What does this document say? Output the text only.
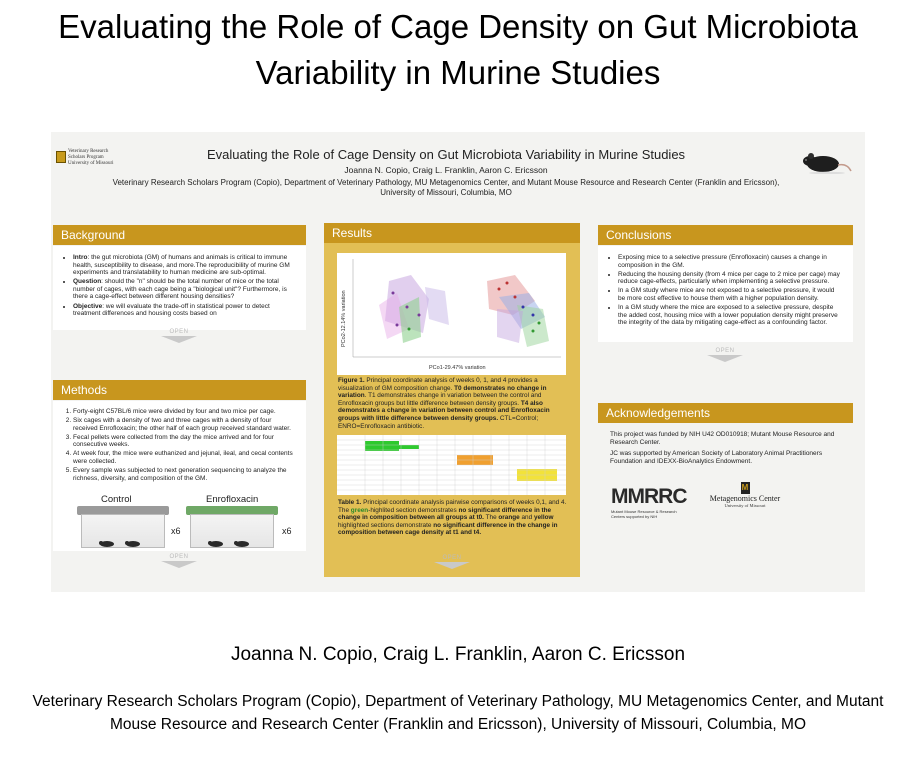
Evaluating the Role of Cage Density on Gut Microbiota Variability in Murine Studies
Veterinary Research Scholars Program University of Missouri
Evaluating the Role of Cage Density on Gut Microbiota Variability in Murine Studies
Joanna N. Copio, Craig L. Franklin, Aaron C. Ericsson
Veterinary Research Scholars Program (Copio), Department of Veterinary Pathology, MU Metagenomics Center, and Mutant Mouse Resource and Research Center (Franklin and Ericsson), University of Missouri, Columbia, MO
Background
• Intro: the gut microbiota (GM) of humans and animals is critical to immune health, susceptibility to disease, and more.The reproducibility of murine GM experiments and translatability to human medicine are sub-optimal.
• Question: should the "n" should be the total number of mice or the total number of cages, with each cage being a "biological unit"? Furthermore, is there a cage-effect between different housing densities?
• Objective: we will evaluate the trade-off in statistical power to detect treatment differences and housing costs based on
OPEN
Methods
1. Forty-eight C57BL/6 mice were divided by four and two mice per cage.
2. Six cages with a density of two and three cages with a density of four received Enrofloxacin; the other half of each group received standard water.
3. Fecal pellets were collected from the day the mice arrived and for four consecutive weeks.
4. At week four, the mice were euthanized and jejunal, ileal, and cecal contents were collected.
5. Every sample was subjected to next generation sequencing to analyze the richness, diversity, and composition of the GM.
Control	Enrofloxacin
x6	x6
OPEN
Results
PCo2-12.14% variation
PCo1-29.47% variation
Figure 1. Principal coordinate analysis of weeks 0, 1, and 4 provides a visualization of GM composition change. T0 demonstrates no change in variation. T1 demonstrates change in variation between the control and Enrofloxacin groups but little difference between density groups. T4 also demonstrates a change in variation between control and Enrofloxacin groups with little difference between density groups. CTL=Control; ENRO=Enrofloxacin antibiotic.
Table 1. Principal coordinate analysis pairwise comparisons of weeks 0,1, and 4. The green-highlited section demonstrates no significant difference in the change in composition between all groups at t0. The orange and yellow highlighted sections demonstrate no significant difference in the change in composition between cage density at t1 and t4.
OPEN
Conclusions
• Exposing mice to a selective pressure (Enrofloxacin) causes a change in composition in the GM.
• Reducing the housing density (from 4 mice per cage to 2 mice per cage) may reduce cage-effects, particularly when implementing a selective pressure.
• In a GM study where mice are not exposed to a selective pressure, it would be more cost effective to house them with a higher population density.
• In a GM study where the mice are exposed to a selective pressure, despite the added cost, housing mice with a lower population density might preserve the integrity of the data by mitigating cage-effect as a confounding factor.
OPEN
Acknowledgements

This project was funded by NIH U42 OD010918; Mutant Mouse Resource and Research Center.

JC was supported by American Society of Laboratory Animal Practitioners Foundation and IDEXX-BioAnalytics Endowment.

MMRRC
Mutant Mouse Resource & Research Centers supported by NIH
M
Metagenomics Center
University of Missouri
Joanna N. Copio, Craig L. Franklin, Aaron C. Ericsson
Veterinary Research Scholars Program (Copio), Department of Veterinary Pathology, MU Metagenomics Center, and Mutant Mouse Resource and Research Center (Franklin and Ericsson), University of Missouri, Columbia, MO
